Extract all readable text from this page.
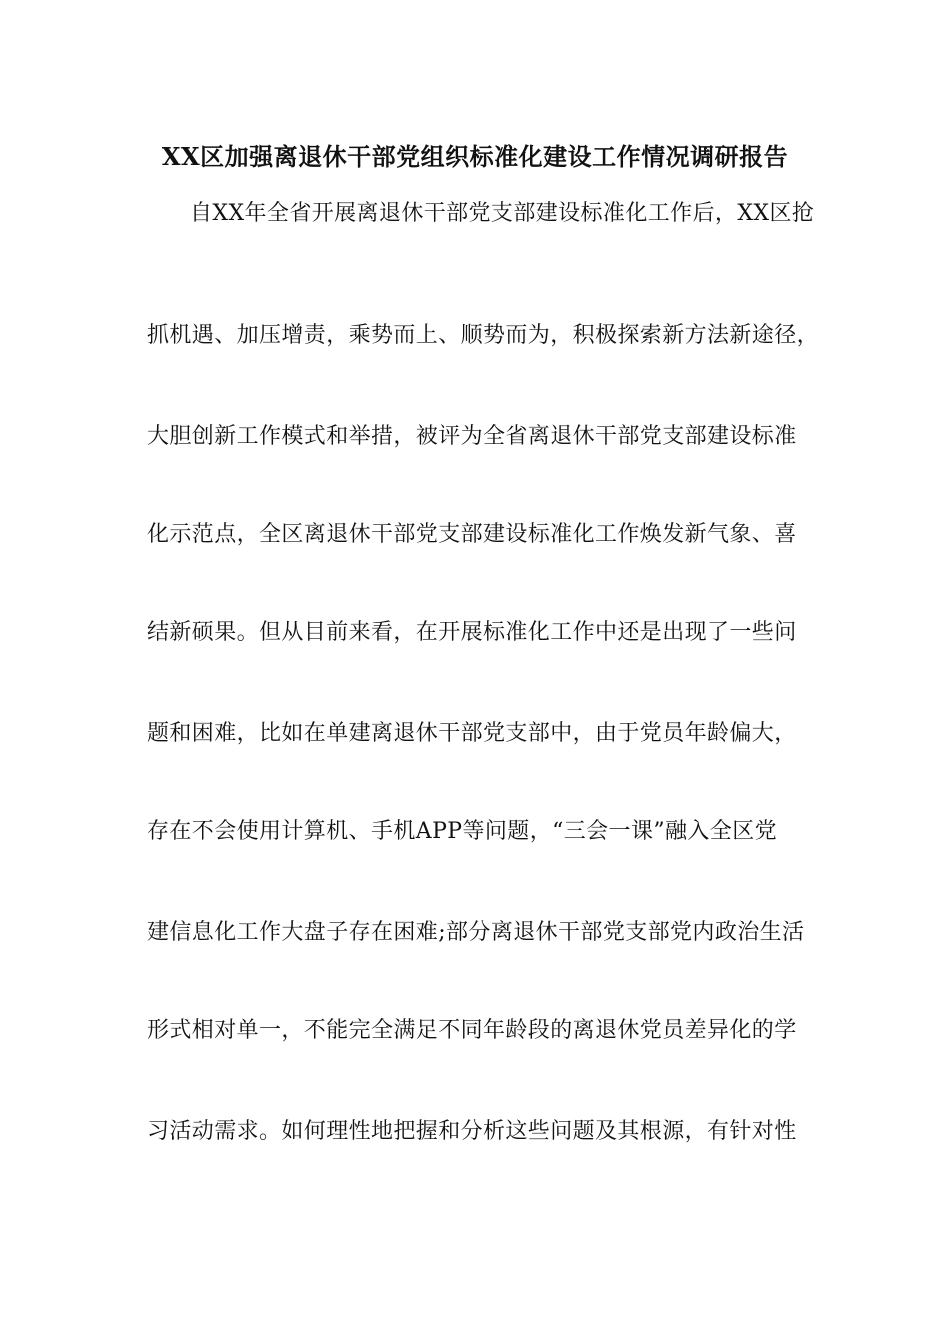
XX区加强离退休干部党组织标准化建设工作情况调研报告
自XX年全省开展离退休干部党支部建设标准化工作后，XX区抢
抓机遇、加压增责，乘势而上、顺势而为，积极探索新方法新途径，
大胆创新工作模式和举措，被评为全省离退休干部党支部建设标准
化示范点，全区离退休干部党支部建设标准化工作焕发新气象、喜
结新硕果。但从目前来看，在开展标准化工作中还是出现了一些问
题和困难，比如在单建离退休干部党支部中，由于党员年龄偏大，
存在不会使用计算机、手机APP等问题，“三会一课”融入全区党
建信息化工作大盘子存在困难;部分离退休干部党支部党内政治生活
形式相对单一，不能完全满足不同年龄段的离退休党员差异化的学
习活动需求。如何理性地把握和分析这些问题及其根源，有针对性
